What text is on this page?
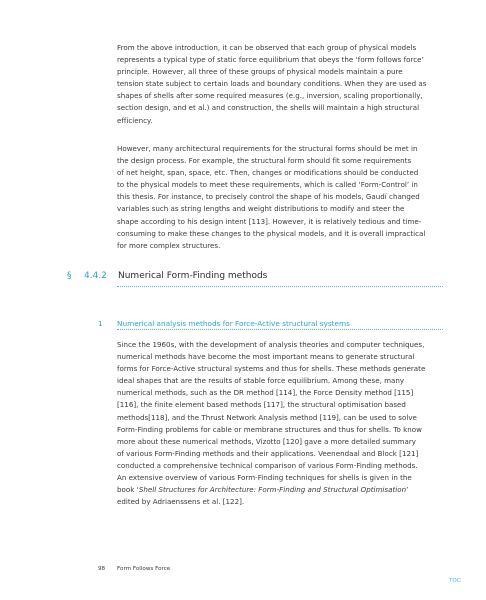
From the above introduction, it can be observed that each group of physical models
represents a typical type of static force equilibrium that obeys the ‘form follows force’
principle. However, all three of these groups of physical models maintain a pure
tension state subject to certain loads and boundary conditions. When they are used as
shapes of shells after some required measures (e.g., inversion, scaling proportionally,
section design, and et al.) and construction, the shells will maintain a high structural
efficiency.
However, many architectural requirements for the structural forms should be met in
the design process. For example, the structural form should fit some requirements
of net height, span, space, etc. Then, changes or modifications should be conducted
to the physical models to meet these requirements, which is called ‘Form-Control’ in
this thesis. For instance, to precisely control the shape of his models, Gaudí changed
variables such as string lengths and weight distributions to modify and steer the
shape according to his design intent [113]. However, it is relatively tedious and time-
consuming to make these changes to the physical models, and it is overall impractical
for more complex structures.
§ 4.4.2 Numerical Form-Finding methods
1 Numerical analysis methods for Force-Active structural systems
Since the 1960s, with the development of analysis theories and computer techniques,
numerical methods have become the most important means to generate structural
forms for Force-Active structural systems and thus for shells. These methods generate
ideal shapes that are the results of stable force equilibrium. Among these, many
numerical methods, such as the DR method [114], the Force Density method [115]
[116], the finite element based methods [117], the structural optimisation based
methods[118], and the Thrust Network Analysis method [119], can be used to solve
Form-Finding problems for cable or membrane structures and thus for shells. To know
more about these numerical methods, Vizotto [120] gave a more detailed summary
of various Form-Finding methods and their applications. Veenendaal and Block [121]
conducted a comprehensive technical comparison of various Form-Finding methods.
An extensive overview of various Form-Finding techniques for shells is given in the
book ‘Shell Structures for Architecture: Form-Finding and Structural Optimisation’
edited by Adriaenssens et al. [122].
98 Form Follows Force
TOC
